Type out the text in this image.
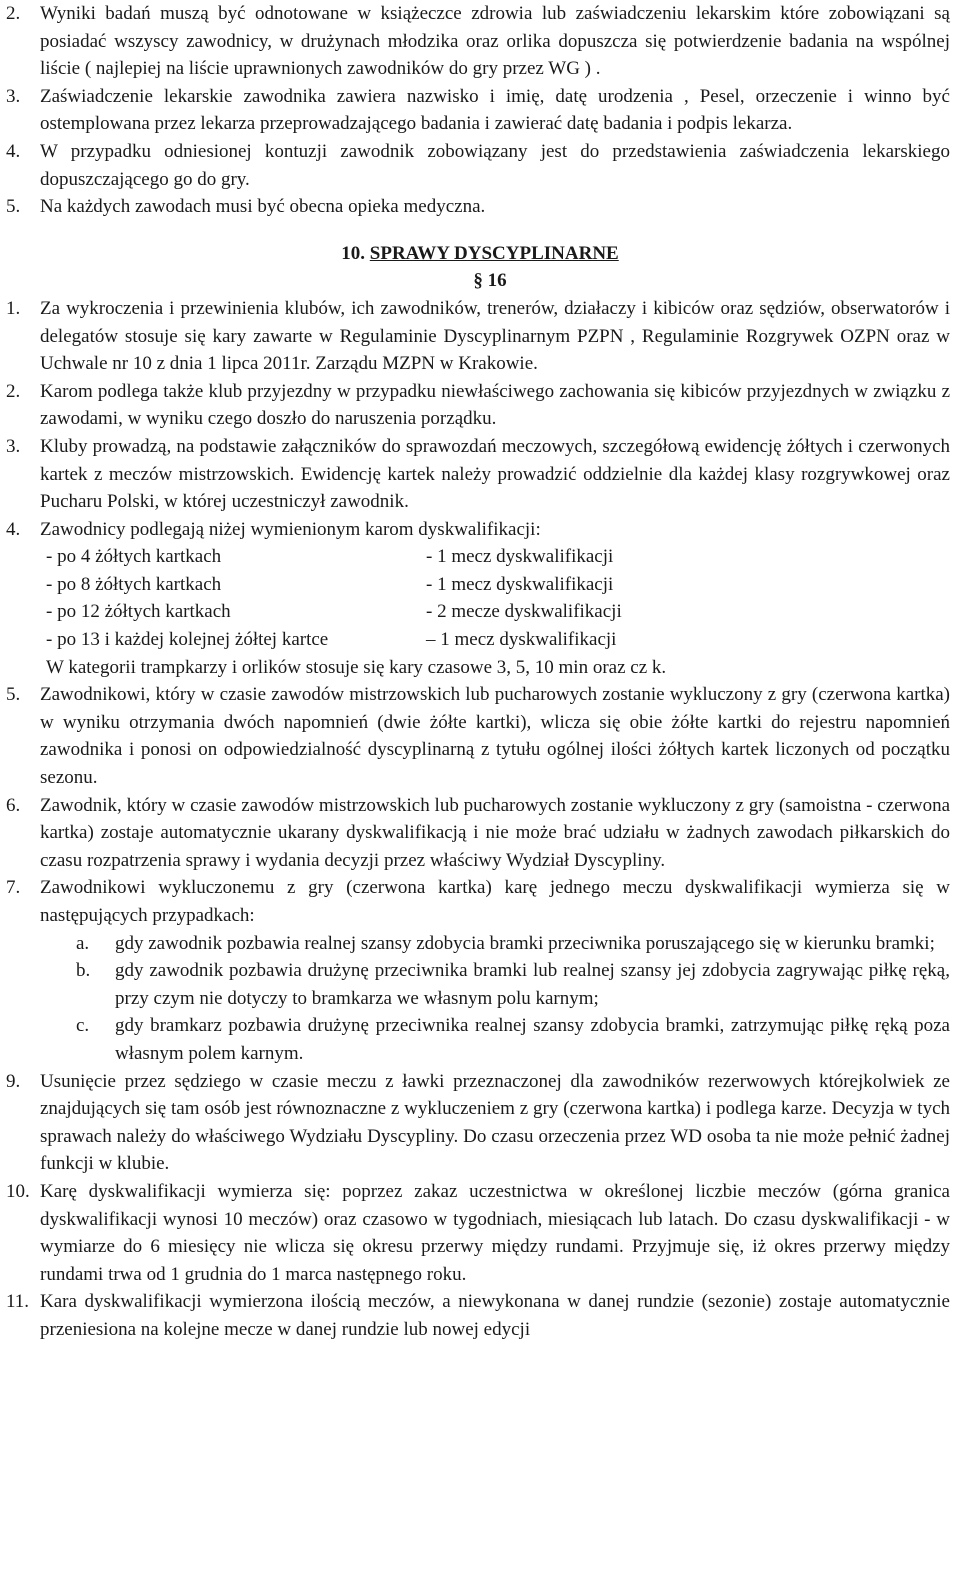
2. Wyniki badań muszą być odnotowane w książeczce zdrowia lub zaświadczeniu lekarskim które zobowiązani są posiadać wszyscy zawodnicy, w drużynach młodzika oraz orlika dopuszcza się potwierdzenie badania na wspólnej liście ( najlepiej na liście uprawnionych zawodników do gry przez WG ) .
3. Zaświadczenie lekarskie zawodnika zawiera nazwisko i imię, datę urodzenia , Pesel, orzeczenie i winno być ostemplowana przez lekarza przeprowadzającego badania i zawierać datę badania i podpis lekarza.
4. W przypadku odniesionej kontuzji zawodnik zobowiązany jest do przedstawienia zaświadczenia lekarskiego dopuszczającego go do gry.
5. Na każdych zawodach musi być obecna opieka medyczna.
10. SPRAWY DYSCYPLINARNE
§ 16
1. Za wykroczenia i przewinienia klubów, ich zawodników, trenerów, działaczy i kibiców oraz sędziów, obserwatorów i delegatów stosuje się kary zawarte w Regulaminie Dyscyplinarnym PZPN , Regulaminie Rozgrywek OZPN oraz w Uchwale nr 10 z dnia 1 lipca 2011r. Zarządu MZPN w Krakowie.
2. Karom podlega także klub przyjezdny w przypadku niewłaściwego zachowania się kibiców przyjezdnych w związku z zawodami, w wyniku czego doszło do naruszenia porządku.
3. Kluby prowadzą, na podstawie załączników do sprawozdań meczowych, szczegółową ewidencję żółtych i czerwonych kartek z meczów mistrzowskich. Ewidencję kartek należy prowadzić oddzielnie dla każdej klasy rozgrywkowej oraz Pucharu Polski, w której uczestniczył zawodnik.
4. Zawodnicy podlegają niżej wymienionym karom dyskwalifikacji:
- po 4 żółtych kartkach	- 1 mecz dyskwalifikacji
- po 8 żółtych kartkach	- 1 mecz dyskwalifikacji
- po 12 żółtych kartkach	- 2 mecze dyskwalifikacji
- po 13 i każdej kolejnej żółtej kartce	– 1 mecz dyskwalifikacji
W kategorii trampkarzy i orlików stosuje się kary czasowe 3, 5, 10 min oraz cz k.
5. Zawodnikowi, który w czasie zawodów mistrzowskich lub pucharowych zostanie wykluczony z gry (czerwona kartka) w wyniku otrzymania dwóch napomnień (dwie żółte kartki), wlicza się obie żółte kartki do rejestru napomnień zawodnika i ponosi on odpowiedzialność dyscyplinarną z tytułu ogólnej ilości żółtych kartek liczonych od początku sezonu.
6. Zawodnik, który w czasie zawodów mistrzowskich lub pucharowych zostanie wykluczony z gry (samoistna - czerwona kartka) zostaje automatycznie ukarany dyskwalifikacją i nie może brać udziału w żadnych zawodach piłkarskich do czasu rozpatrzenia sprawy i wydania decyzji przez właściwy Wydział Dyscypliny.
7. Zawodnikowi wykluczonemu z gry (czerwona kartka) karę jednego meczu dyskwalifikacji wymierza się w następujących przypadkach:
a. gdy zawodnik pozbawia realnej szansy zdobycia bramki przeciwnika poruszającego się w kierunku bramki;
b. gdy zawodnik pozbawia drużynę przeciwnika bramki lub realnej szansy jej zdobycia zagrywając piłkę ręką, przy czym nie dotyczy to bramkarza we własnym polu karnym;
c. gdy bramkarz pozbawia drużynę przeciwnika realnej szansy zdobycia bramki, zatrzymując piłkę ręką poza własnym polem karnym.
9. Usunięcie przez sędziego w czasie meczu z ławki przeznaczonej dla zawodników rezerwowych którejkolwiek ze znajdujących się tam osób jest równoznaczne z wykluczeniem z gry (czerwona kartka) i podlega karze. Decyzja w tych sprawach należy do właściwego Wydziału Dyscypliny. Do czasu orzeczenia przez WD osoba ta nie może pełnić żadnej funkcji w klubie.
10. Karę dyskwalifikacji wymierza się: poprzez zakaz uczestnictwa w określonej liczbie meczów (górna granica dyskwalifikacji wynosi 10 meczów) oraz czasowo w tygodniach, miesiącach lub latach. Do czasu dyskwalifikacji - w wymiarze do 6 miesięcy nie wlicza się okresu przerwy między rundami. Przyjmuje się, iż okres przerwy między rundami trwa od 1 grudnia do 1 marca następnego roku.
11. Kara dyskwalifikacji wymierzona ilością meczów, a niewykonana w danej rundzie (sezonie) zostaje automatycznie przeniesiona na kolejne mecze w danej rundzie lub nowej edycji
